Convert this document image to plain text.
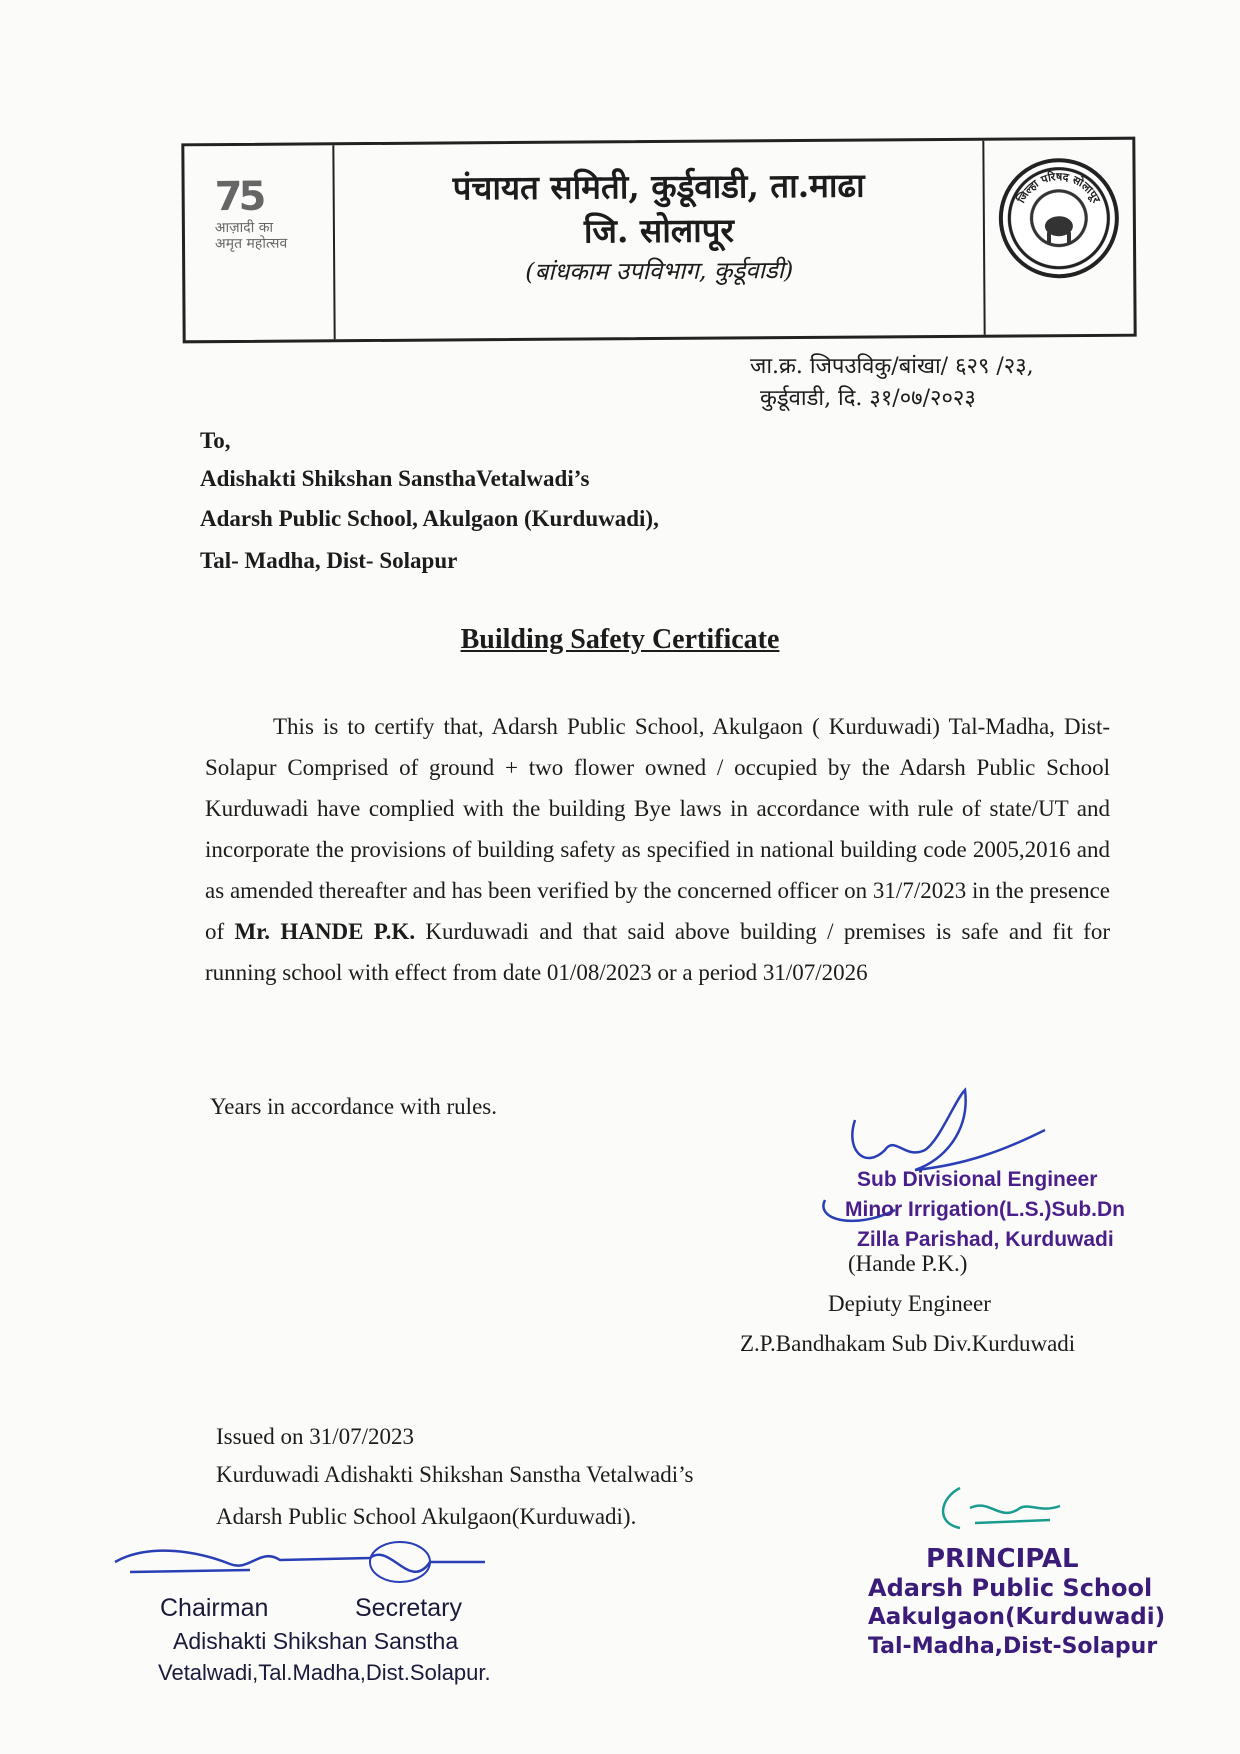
75
आज़ादी का
अमृत महोत्सव
पंचायत समिती, कुर्डूवाडी, ता.माढा
जि. सोलापूर
(बांधकाम उपविभाग, कुर्डूवाडी)
जिल्हा परिषद सोलापूर
जा.क्र. जिपउविकु/बांखा/ ६२९ /२३,
कुर्डूवाडी, दि. ३१/०७/२०२३
To,
Adishakti Shikshan SansthaVetalwadi’s
Adarsh Public School, Akulgaon (Kurduwadi),
Tal- Madha, Dist- Solapur
Building Safety Certificate
This is to certify that, Adarsh Public School, Akulgaon ( Kurduwadi) Tal-Madha, Dist- Solapur Comprised of ground + two flower owned / occupied by the Adarsh Public School Kurduwadi have complied with the building Bye laws in accordance with rule of state/UT and incorporate the provisions of building safety as specified in national building code 2005,2016 and as amended thereafter and has been verified by the concerned officer on 31/7/2023 in the presence of Mr. HANDE P.K. Kurduwadi and that said above building / premises is safe and fit for running school with effect from date 01/08/2023 or a period 31/07/2026
Years in accordance with rules.
Sub Divisional Engineer
Minor Irrigation(L.S.)Sub.Dn
Zilla Parishad, Kurduwadi
(Hande P.K.)
Depiuty Engineer
Z.P.Bandhakam Sub Div.Kurduwadi
Issued on 31/07/2023
Kurduwadi Adishakti Shikshan Sanstha Vetalwadi’s
Adarsh Public School Akulgaon(Kurduwadi).
Chairman	Secretary
Adishakti Shikshan Sanstha
Vetalwadi,Tal.Madha,Dist.Solapur.
PRINCIPAL
Adarsh Public School
Aakulgaon(Kurduwadi)
Tal-Madha,Dist-Solapur
